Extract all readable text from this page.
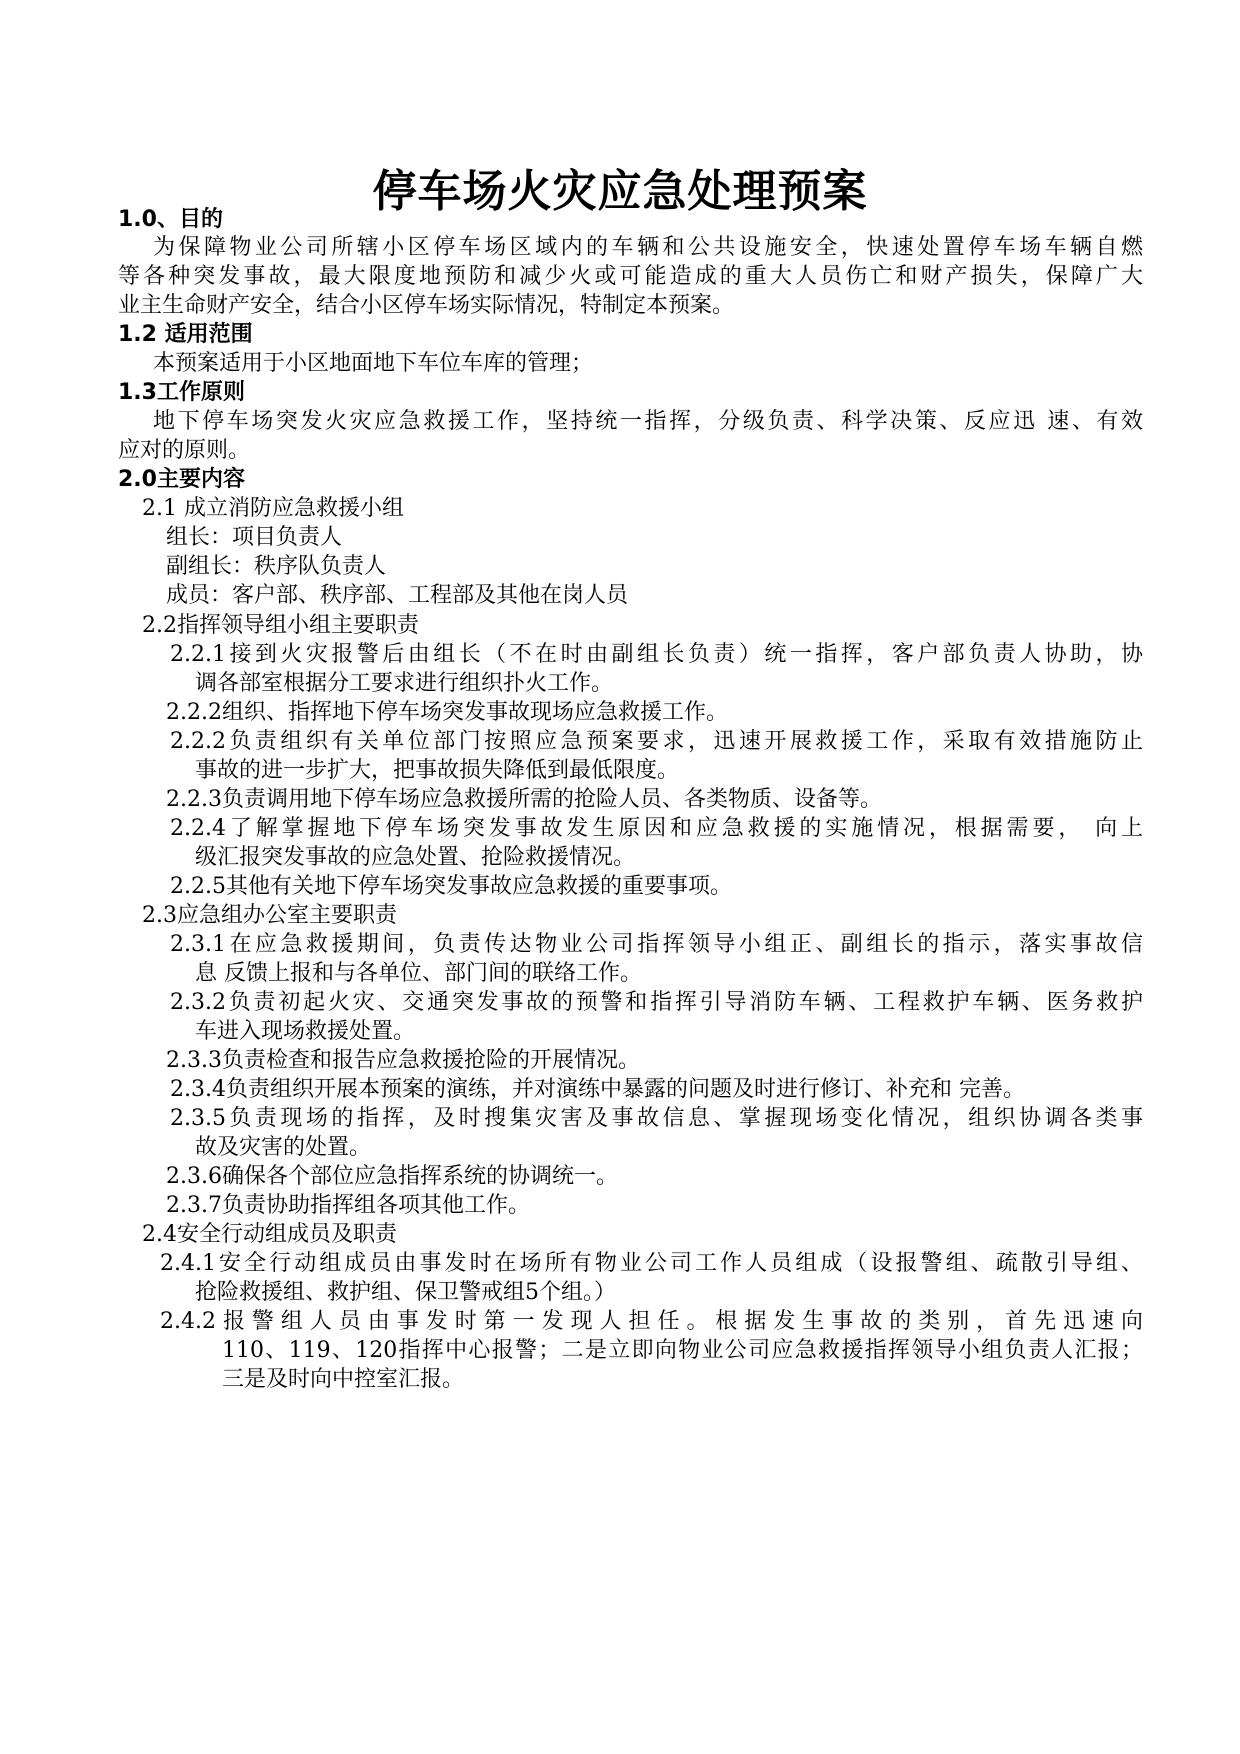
停车场火灾应急处理预案
1.0、目的
为保障物业公司所辖小区停车场区域内的车辆和公共设施安全，快速处置停车场车辆自燃
等各种突发事故，最大限度地预防和减少火或可能造成的重大人员伤亡和财产损失，保障广大
业主生命财产安全，结合小区停车场实际情况，特制定本预案。
1.2 适用范围
本预案适用于小区地面地下车位车库的管理；
1.3工作原则
地下停车场突发火灾应急救援工作，坚持统一指挥，分级负责、科学决策、反应迅 速、有效
应对的原则。
2.0主要内容
2.1 成立消防应急救援小组
组长：项目负责人
副组长：秩序队负责人
成员：客户部、秩序部、工程部及其他在岗人员
2.2指挥领导组小组主要职责
2.2.1接到火灾报警后由组长（不在时由副组长负责）统一指挥，客户部负责人协助，协
调各部室根据分工要求进行组织扑火工作。
2.2.2组织、指挥地下停车场突发事故现场应急救援工作。
2.2.2负责组织有关单位部门按照应急预案要求，迅速开展救援工作，采取有效措施防止
事故的进一步扩大，把事故损失降低到最低限度。
2.2.3负责调用地下停车场应急救援所需的抢险人员、各类物质、设备等。
2.2.4了解掌握地下停车场突发事故发生原因和应急救援的实施情况，根据需要， 向上
级汇报突发事故的应急处置、抢险救援情况。
2.2.5其他有关地下停车场突发事故应急救援的重要事项。
2.3应急组办公室主要职责
2.3.1在应急救援期间，负责传达物业公司指挥领导小组正、副组长的指示，落实事故信
息 反馈上报和与各单位、部门间的联络工作。
2.3.2负责初起火灾、交通突发事故的预警和指挥引导消防车辆、工程救护车辆、医务救护
车进入现场救援处置。
2.3.3负责检查和报告应急救援抢险的开展情况。
2.3.4负责组织开展本预案的演练，并对演练中暴露的问题及时进行修订、补充和 完善。
2.3.5负责现场的指挥，及时搜集灾害及事故信息、掌握现场变化情况，组织协调各类事
故及灾害的处置。
2.3.6确保各个部位应急指挥系统的协调统一。
2.3.7负责协助指挥组各项其他工作。
2.4安全行动组成员及职责
2.4.1安全行动组成员由事发时在场所有物业公司工作人员组成（设报警组、疏散引导组、
抢险救援组、救护组、保卫警戒组5个组。）
2.4.2报警组人员由事发时第一发现人担任。根据发生事故的类别，首先迅速向
110、119、120指挥中心报警；二是立即向物业公司应急救援指挥领导小组负责人汇报；
三是及时向中控室汇报。
